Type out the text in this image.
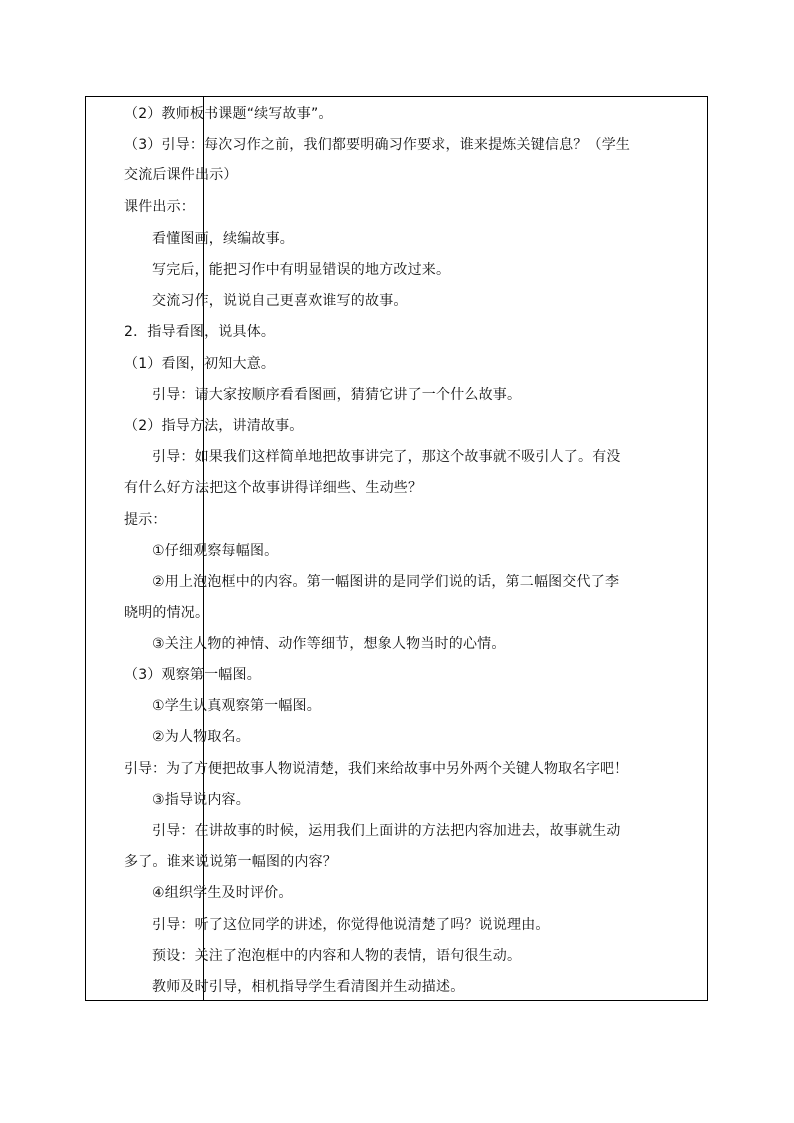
（2）教师板书课题“续写故事”。
（3）引导：每次习作之前，我们都要明确习作要求，谁来提炼关键信息？（学生
交流后课件出示）
课件出示：
看懂图画，续编故事。
写完后，能把习作中有明显错误的地方改过来。
交流习作，说说自己更喜欢谁写的故事。
2．指导看图，说具体。
（1）看图，初知大意。
引导：请大家按顺序看看图画，猜猜它讲了一个什么故事。
（2）指导方法，讲清故事。
引导：如果我们这样简单地把故事讲完了，那这个故事就不吸引人了。有没
有什么好方法把这个故事讲得详细些、生动些？
提示：
①仔细观察每幅图。
②用上泡泡框中的内容。第一幅图讲的是同学们说的话，第二幅图交代了李
晓明的情况。
③关注人物的神情、动作等细节，想象人物当时的心情。
（3）观察第一幅图。
①学生认真观察第一幅图。
②为人物取名。
引导：为了方便把故事人物说清楚，我们来给故事中另外两个关键人物取名字吧！
③指导说内容。
引导：在讲故事的时候，运用我们上面讲的方法把内容加进去，故事就生动
多了。谁来说说第一幅图的内容？
④组织学生及时评价。
引导：听了这位同学的讲述，你觉得他说清楚了吗？说说理由。
预设：关注了泡泡框中的内容和人物的表情，语句很生动。
教师及时引导，相机指导学生看清图并生动描述。
